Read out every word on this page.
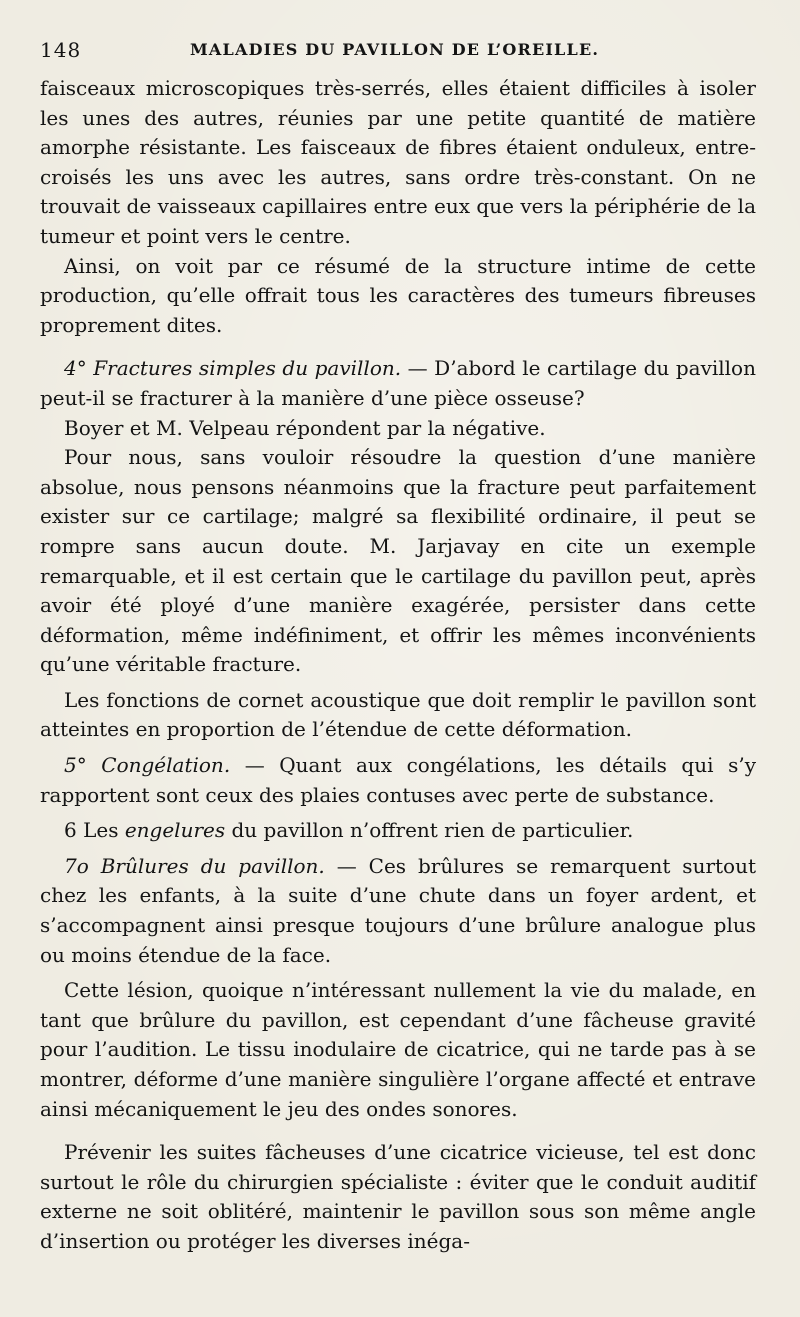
148	MALADIES DU PAVILLON DE L’OREILLE.

faisceaux microscopiques très-serrés, elles étaient difficiles à isoler les unes des autres, réunies par une petite quantité de matière amorphe résistante. Les faisceaux de fibres étaient onduleux, entre-croisés les uns avec les autres, sans ordre très-constant. On ne trouvait de vaisseaux capillaires entre eux que vers la périphérie de la tumeur et point vers le centre.

Ainsi, on voit par ce résumé de la structure intime de cette production, qu’elle offrait tous les caractères des tumeurs fibreuses proprement dites.

4° Fractures simples du pavillon. — D’abord le cartilage du pavillon peut-il se fracturer à la manière d’une pièce osseuse?

Boyer et M. Velpeau répondent par la négative.

Pour nous, sans vouloir résoudre la question d’une manière absolue, nous pensons néanmoins que la fracture peut parfaitement exister sur ce cartilage; malgré sa flexibilité ordinaire, il peut se rompre sans aucun doute. M. Jarjavay en cite un exemple remarquable, et il est certain que le cartilage du pavillon peut, après avoir été ployé d’une manière exagérée, persister dans cette déformation, même indéfiniment, et offrir les mêmes inconvénients qu’une véritable fracture.

Les fonctions de cornet acoustique que doit remplir le pavillon sont atteintes en proportion de l’étendue de cette déformation.

5° Congélation. — Quant aux congélations, les détails qui s’y rapportent sont ceux des plaies contuses avec perte de substance.

6 Les engelures du pavillon n’offrent rien de particulier.

7o Brûlures du pavillon. — Ces brûlures se remarquent surtout chez les enfants, à la suite d’une chute dans un foyer ardent, et s’accompagnent ainsi presque toujours d’une brûlure analogue plus ou moins étendue de la face.

Cette lésion, quoique n’intéressant nullement la vie du malade, en tant que brûlure du pavillon, est cependant d’une fâcheuse gravité pour l’audition. Le tissu inodulaire de cicatrice, qui ne tarde pas à se montrer, déforme d’une manière singulière l’organe affecté et entrave ainsi mécaniquement le jeu des ondes sonores.

Prévenir les suites fâcheuses d’une cicatrice vicieuse, tel est donc surtout le rôle du chirurgien spécialiste : éviter que le conduit auditif externe ne soit oblitéré, maintenir le pavillon sous son même angle d’insertion ou protéger les diverses inéga-
